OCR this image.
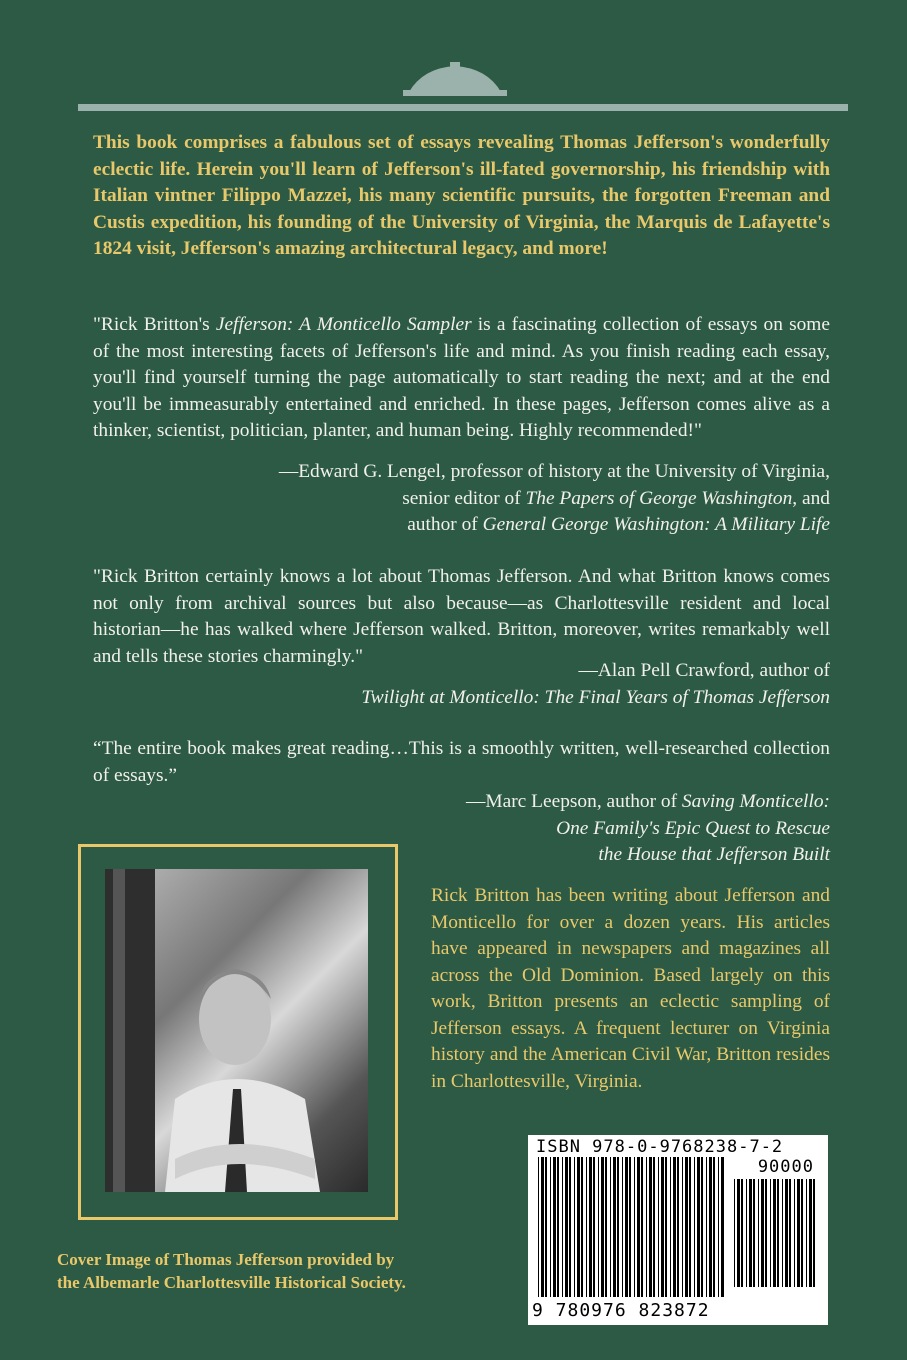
This book comprises a fabulous set of essays revealing Thomas Jefferson's wonderfully eclectic life. Herein you'll learn of Jefferson's ill-fated governorship, his friendship with Italian vintner Filippo Mazzei, his many scientific pursuits, the forgotten Freeman and Custis expedition, his founding of the University of Virginia, the Marquis de Lafayette's 1824 visit, Jefferson's amazing architectural legacy, and more!

"Rick Britton's Jefferson: A Monticello Sampler is a fascinating collection of essays on some of the most interesting facets of Jefferson's life and mind. As you finish reading each essay, you'll find yourself turning the page automatically to start reading the next; and at the end you'll be immeasurably entertained and enriched. In these pages, Jefferson comes alive as a thinker, scientist, politician, planter, and human being. Highly recommended!"

—Edward G. Lengel, professor of history at the University of Virginia,
senior editor of The Papers of George Washington, and
author of General George Washington: A Military Life

"Rick Britton certainly knows a lot about Thomas Jefferson. And what Britton knows comes not only from archival sources but also because—as Charlottesville resident and local historian—he has walked where Jefferson walked. Britton, moreover, writes remarkably well and tells these stories charmingly."

—Alan Pell Crawford, author of
Twilight at Monticello: The Final Years of Thomas Jefferson

“The entire book makes great reading…This is a smoothly written, well-researched collection of essays.”

—Marc Leepson, author of Saving Monticello:
One Family's Epic Quest to Rescue
the House that Jefferson Built

Rick Britton has been writing about Jefferson and Monticello for over a dozen years. His articles have appeared in newspapers and magazines all across the Old Dominion. Based largely on this work, Britton presents an eclectic sampling of Jefferson essays. A frequent lecturer on Virginia history and the American Civil War, Britton resides in Charlottesville, Virginia.

Cover Image of Thomas Jefferson provided by
the Albemarle Charlottesville Historical Society.
ISBN 978-0-9768238-7-2
90000
9 780976 823872
